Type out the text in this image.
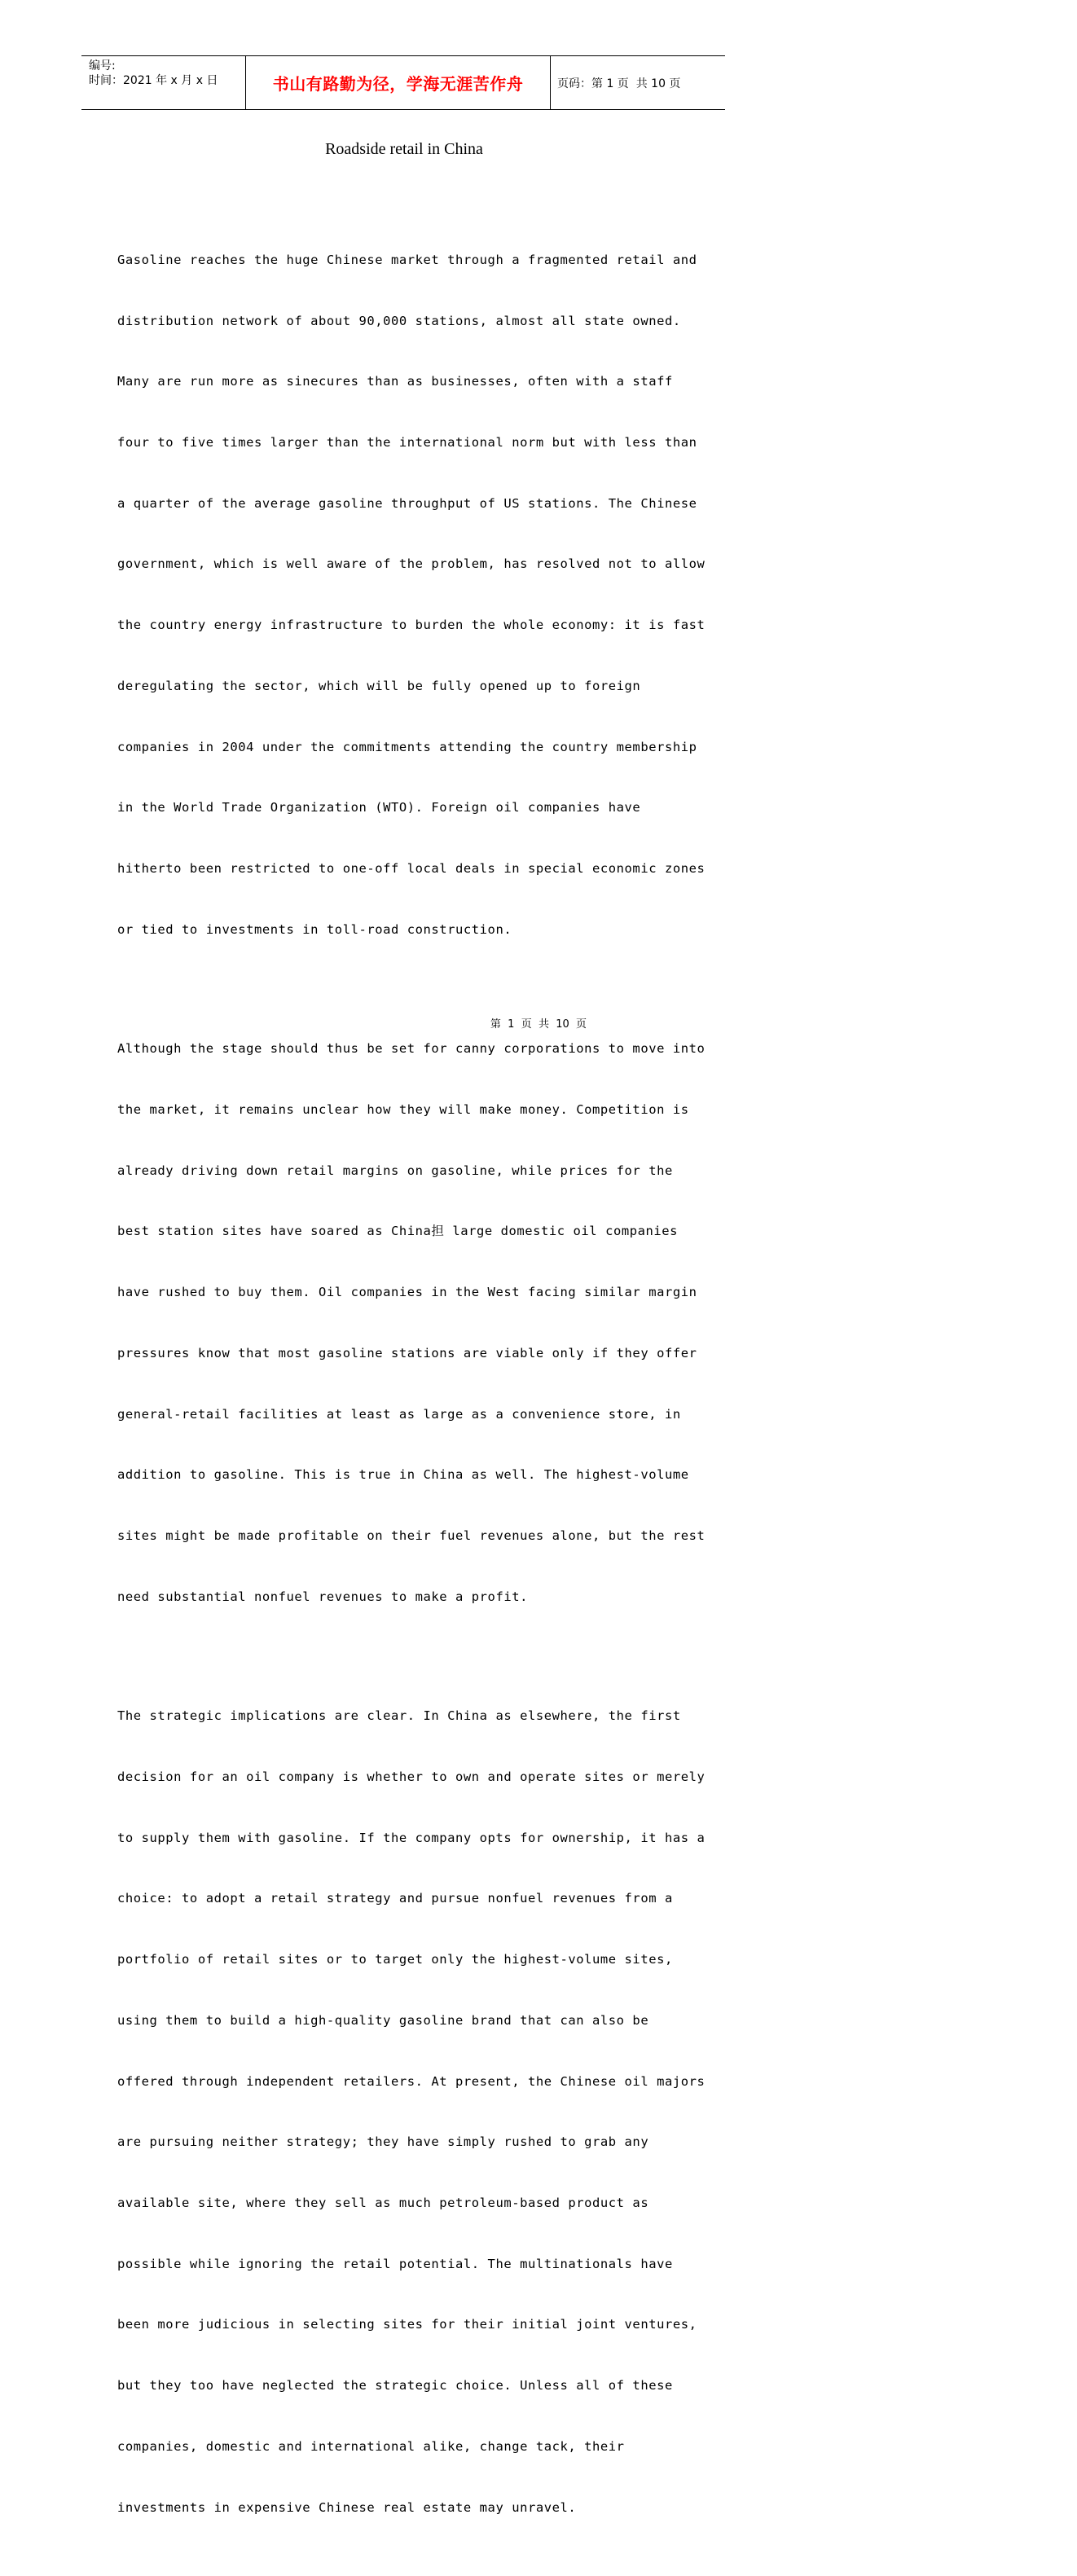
编号:
时间：2021 年 x 月 x 日	书山有路勤为径，学海无涯苦作舟	页码：第 1 页  共 10 页
Roadside retail in China

Gasoline reaches the huge Chinese market through a fragmented retail and

distribution network of about 90,000 stations, almost all state owned.

Many are run more as sinecures than as businesses, often with a staff

four to five times larger than the international norm but with less than

a quarter of the average gasoline throughput of US stations. The Chinese

government, which is well aware of the problem, has resolved not to allow

the country energy infrastructure to burden the whole economy: it is fast

deregulating the sector, which will be fully opened up to foreign

companies in 2004 under the commitments attending the country membership

in the World Trade Organization (WTO). Foreign oil companies have

hitherto been restricted to one-off local deals in special economic zones

or tied to investments in toll-road construction.

Although the stage should thus be set for canny corporations to move into

the market, it remains unclear how they will make money. Competition is

already driving down retail margins on gasoline, while prices for the

best station sites have soared as China担 large domestic oil companies

have rushed to buy them. Oil companies in the West facing similar margin

pressures know that most gasoline stations are viable only if they offer

general-retail facilities at least as large as a convenience store, in

addition to gasoline. This is true in China as well. The highest-volume

sites might be made profitable on their fuel revenues alone, but the rest

need substantial nonfuel revenues to make a profit.

The strategic implications are clear. In China as elsewhere, the first

decision for an oil company is whether to own and operate sites or merely

to supply them with gasoline. If the company opts for ownership, it has a

choice: to adopt a retail strategy and pursue nonfuel revenues from a

portfolio of retail sites or to target only the highest-volume sites,

using them to build a high-quality gasoline brand that can also be

offered through independent retailers. At present, the Chinese oil majors

are pursuing neither strategy; they have simply rushed to grab any

available site, where they sell as much petroleum-based product as

possible while ignoring the retail potential. The multinationals have

been more judicious in selecting sites for their initial joint ventures,

but they too have neglected the strategic choice. Unless all of these

companies, domestic and international alike, change tack, their

investments in expensive Chinese real estate may unravel.

第  1  页  共  10  页
